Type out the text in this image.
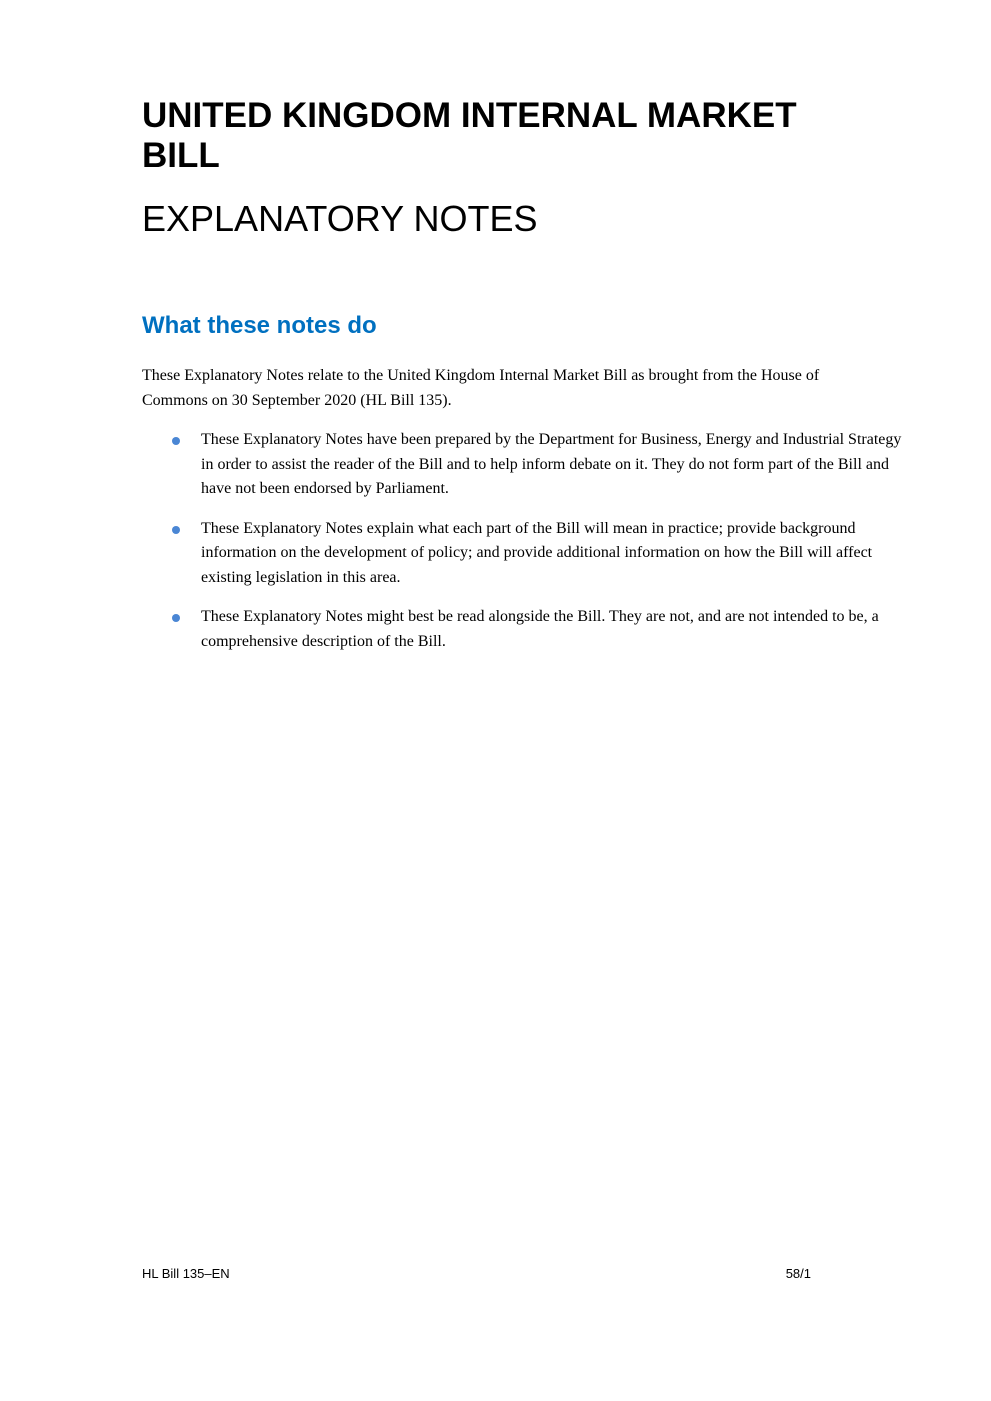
UNITED KINGDOM INTERNAL MARKET BILL
EXPLANATORY NOTES
What these notes do

These Explanatory Notes relate to the United Kingdom Internal Market Bill as brought from the House of Commons on 30 September 2020 (HL Bill 135).

These Explanatory Notes have been prepared by the Department for Business, Energy and Industrial Strategy in order to assist the reader of the Bill and to help inform debate on it. They do not form part of the Bill and have not been endorsed by Parliament.
These Explanatory Notes explain what each part of the Bill will mean in practice; provide background information on the development of policy; and provide additional information on how the Bill will affect existing legislation in this area.
These Explanatory Notes might best be read alongside the Bill. They are not, and are not intended to be, a comprehensive description of the Bill.
HL Bill 135–EN	58/1
